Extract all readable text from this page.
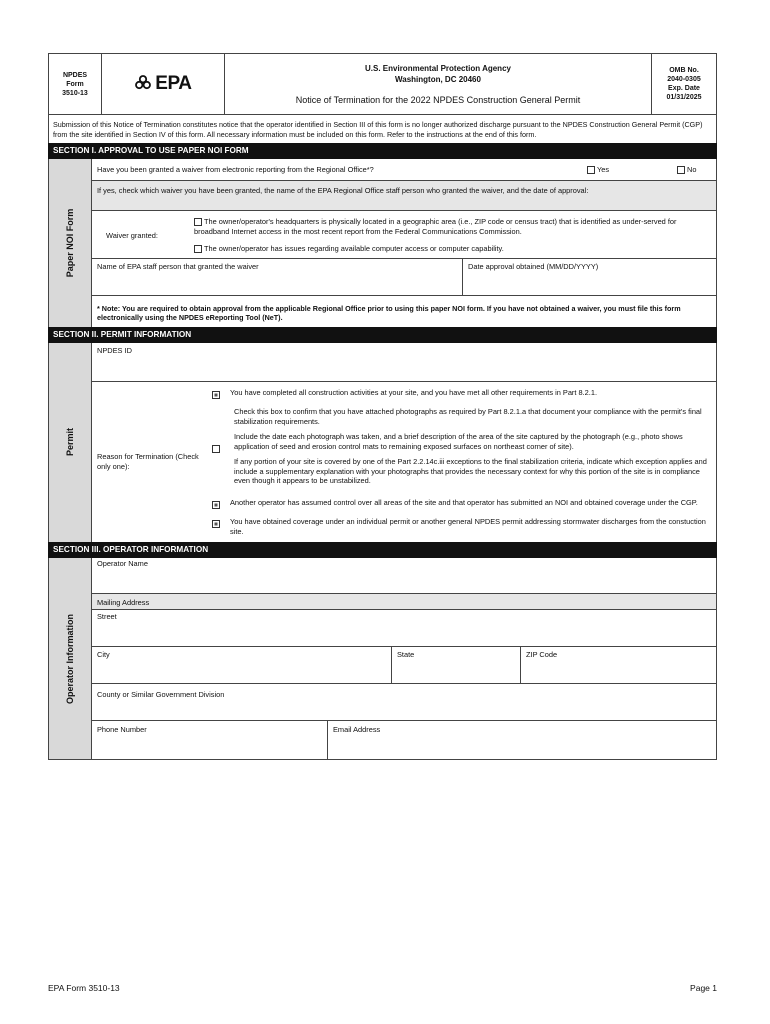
NPDES
Form
3510-13	EPA	U.S. Environmental Protection Agency
Washington, DC 20460
Notice of Termination for the 2022 NPDES Construction General Permit
	OMB No.
2040-0305
Exp. Date
01/31/2025
Submission of this Notice of Termination constitutes notice that the operator identified in Section III of this form is no longer authorized discharge pursuant to the NPDES Construction General Permit (CGP) from the site identified in Section IV of this form. All necessary information must be included on this form. Refer to the instructions at the end of this form.
SECTION I. APPROVAL TO USE PAPER NOI FORM
Paper NOI Form
Have you been granted a waiver from electronic reporting from the Regional Office*?	Yes	No
If yes, check which waiver you have been granted, the name of the EPA Regional Office staff person who granted the waiver, and the date of approval:
Waiver granted:
The owner/operator's headquarters is physically located in a geographic area (i.e., ZIP code or census tract) that is identified as under-served for broadband Internet access in the most recent report from the Federal Communications Commission.
The owner/operator has issues regarding available computer access or computer capability.
Name of EPA staff person that granted the waiver	Date approval obtained (MM/DD/YYYY)
* Note: You are required to obtain approval from the applicable Regional Office prior to using this paper NOI form. If you have not obtained a waiver, you must file this form electronically using the NPDES eReporting Tool (NeT).
SECTION II. PERMIT INFORMATION
Permit
NPDES ID
Reason for Termination (Check only one):
You have completed all construction activities at your site, and you have met all other requirements in Part 8.2.1.

Check this box to confirm that you have attached photographs as required by Part 8.2.1.a that document your compliance with the permit's final stabilization requirements.

Include the date each photograph was taken, and a brief description of the area of the site captured by the photograph (e.g., photo shows application of seed and erosion control mats to remaining exposed surfaces on northeast corner of site).

If any portion of your site is covered by one of the Part 2.2.14c.iii exceptions to the final stabilization criteria, indicate which exception applies and include a supplementary explanation with your photographs that provides the necessary context for why this portion of the site is in compliance even though it appears to be unstabilized.

Another operator has assumed control over all areas of the site and that operator has submitted an NOI and obtained coverage under the CGP.
You have obtained coverage under an individual permit or another general NPDES permit addressing stormwater discharges from the constuction site.
SECTION III. OPERATOR INFORMATION
Operator Information
Operator Name
Mailing Address
Street
City	State	ZIP Code
County or Similar Government Division
Phone Number	Email Address
EPA Form 3510-13	Page 1
